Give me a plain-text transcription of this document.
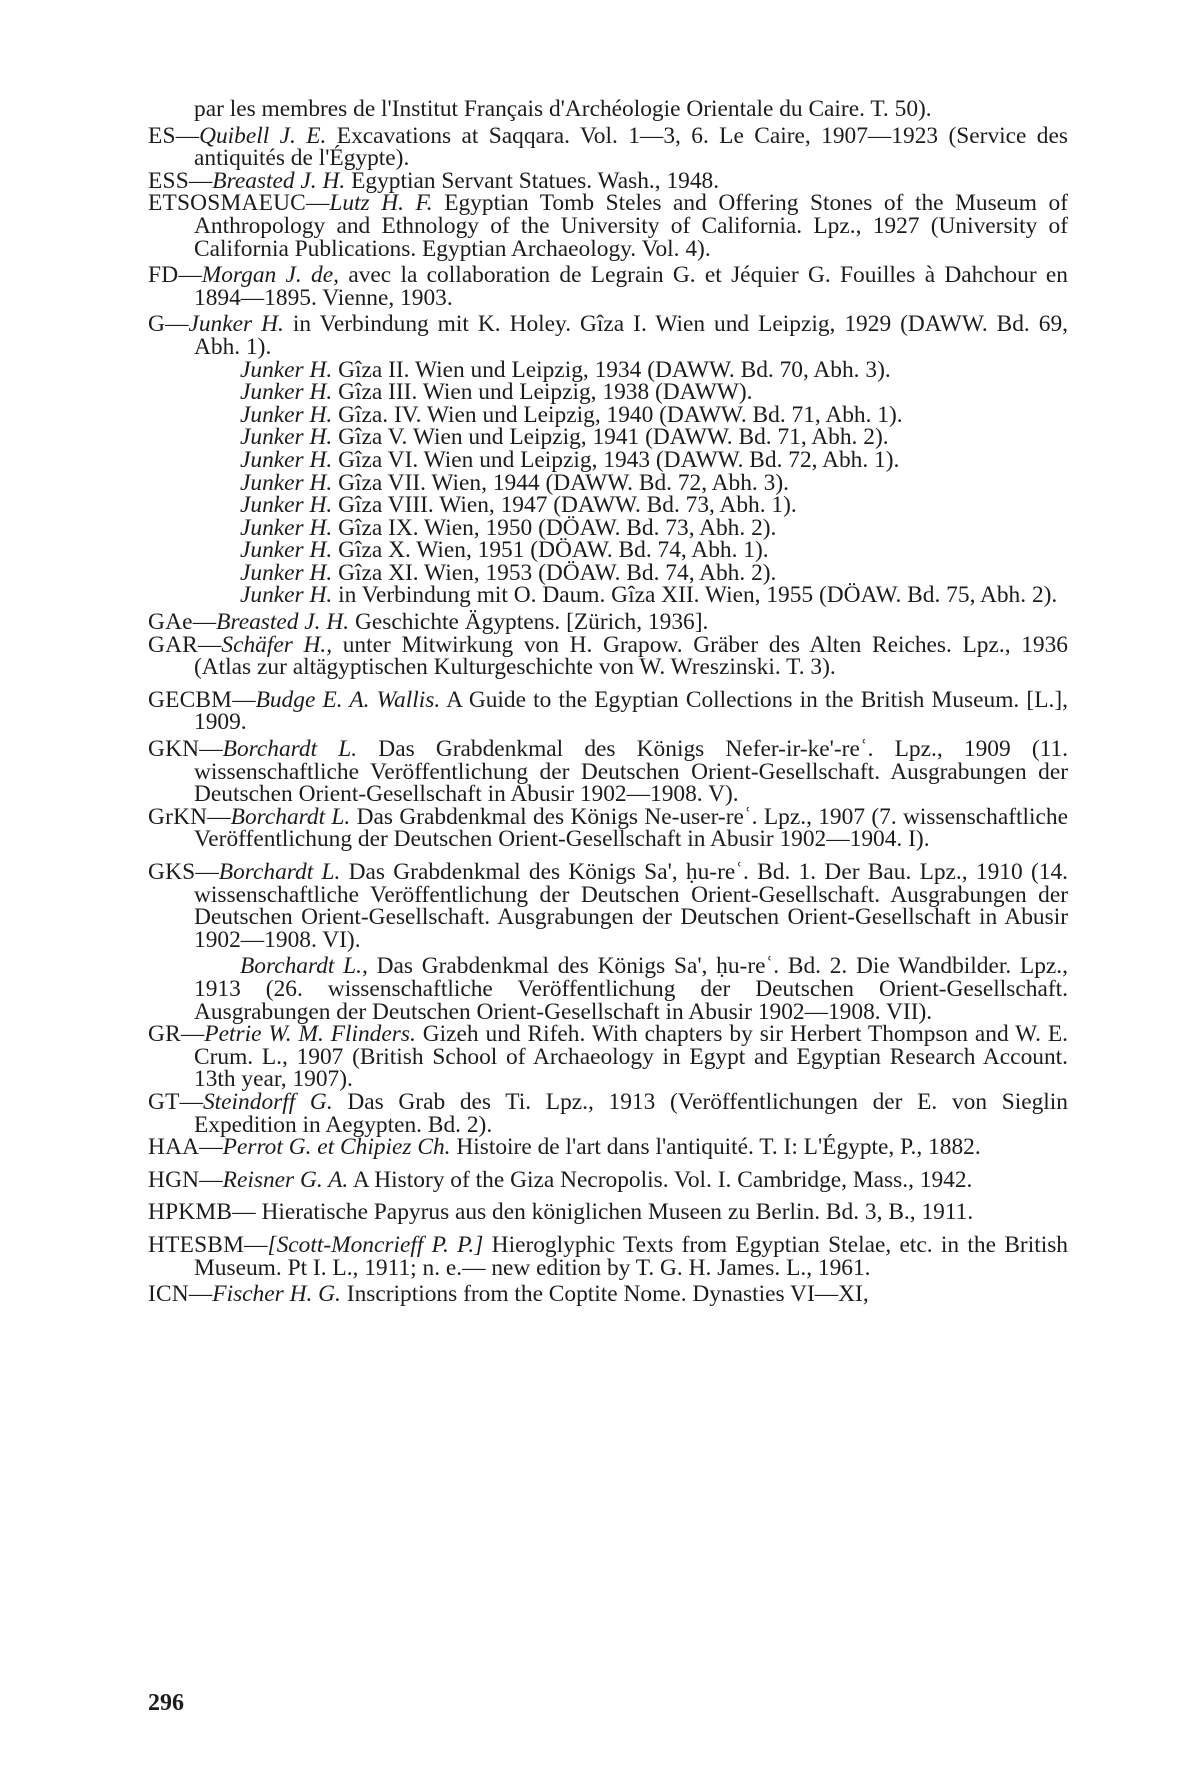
par les membres de l'Institut Français d'Archéologie Orientale du Caire. T. 50).

ES—Quibell J. E. Excavations at Saqqara. Vol. 1—3, 6. Le Caire, 1907—1923 (Service des antiquités de l'Égypte).

ESS—Breasted J. H. Egyptian Servant Statues. Wash., 1948.

ETSOSMAEUC—Lutz H. F. Egyptian Tomb Steles and Offering Stones of the Museum of Anthropology and Ethnology of the University of California. Lpz., 1927 (University of California Publications. Egyptian Archaeology. Vol. 4).

FD—Morgan J. de, avec la collaboration de Legrain G. et Jéquier G. Fouilles à Dahchour en 1894—1895. Vienne, 1903.

G—Junker H. in Verbindung mit K. Holey. Gîza I. Wien und Leipzig, 1929 (DAWW. Bd. 69, Abh. 1).

Junker H. Gîza II. Wien und Leipzig, 1934 (DAWW. Bd. 70, Abh. 3).

Junker H. Gîza III. Wien und Leipzig, 1938 (DAWW).

Junker H. Gîza. IV. Wien und Leipzig, 1940 (DAWW. Bd. 71, Abh. 1).

Junker H. Gîza V. Wien und Leipzig, 1941 (DAWW. Bd. 71, Abh. 2).

Junker H. Gîza VI. Wien und Leipzig, 1943 (DAWW. Bd. 72, Abh. 1).

Junker H. Gîza VII. Wien, 1944 (DAWW. Bd. 72, Abh. 3).

Junker H. Gîza VIII. Wien, 1947 (DAWW. Bd. 73, Abh. 1).

Junker H. Gîza IX. Wien, 1950 (DÖAW. Bd. 73, Abh. 2).

Junker H. Gîza X. Wien, 1951 (DÖAW. Bd. 74, Abh. 1).

Junker H. Gîza XI. Wien, 1953 (DÖAW. Bd. 74, Abh. 2).

Junker H. in Verbindung mit O. Daum. Gîza XII. Wien, 1955 (DÖAW. Bd. 75, Abh. 2).

GAe—Breasted J. H. Geschichte Ägyptens. [Zürich, 1936].

GAR—Schäfer H., unter Mitwirkung von H. Grapow. Gräber des Alten Reiches. Lpz., 1936 (Atlas zur altägyptischen Kulturgeschichte von W. Wreszinski. T. 3).

GECBM—Budge E. A. Wallis. A Guide to the Egyptian Collections in the British Museum. [L.], 1909.

GKN—Borchardt L. Das Grabdenkmal des Königs Nefer-ir-ke'-reʿ. Lpz., 1909 (11. wissenschaftliche Veröffentlichung der Deutschen Orient-Gesellschaft. Ausgrabungen der Deutschen Orient-Gesellschaft in Abusir 1902—1908. V).

GrKN—Borchardt L. Das Grabdenkmal des Königs Ne-user-reʿ. Lpz., 1907 (7. wissenschaftliche Veröffentlichung der Deutschen Orient-Gesellschaft in Abusir 1902—1904. I).

GKS—Borchardt L. Das Grabdenkmal des Königs Sa', ḥu-reʿ. Bd. 1. Der Bau. Lpz., 1910 (14. wissenschaftliche Veröffentlichung der Deutschen Orient-Gesellschaft. Ausgrabungen der Deutschen Orient-Gesellschaft. Ausgrabungen der Deutschen Orient-Gesellschaft in Abusir 1902—1908. VI).

Borchardt L., Das Grabdenkmal des Königs Sa', ḥu-reʿ. Bd. 2. Die Wandbilder. Lpz., 1913 (26. wissenschaftliche Veröffentlichung der Deutschen Orient-Gesellschaft. Ausgrabungen der Deutschen Orient-Gesellschaft in Abusir 1902—1908. VII).

GR—Petrie W. M. Flinders. Gizeh und Rifeh. With chapters by sir Herbert Thompson and W. E. Crum. L., 1907 (British School of Archaeology in Egypt and Egyptian Research Account. 13th year, 1907).

GT—Steindorff G. Das Grab des Ti. Lpz., 1913 (Veröffentlichungen der E. von Sieglin Expedition in Aegypten. Bd. 2).

HAA—Perrot G. et Chipiez Ch. Histoire de l'art dans l'antiquité. T. I: L'Égypte, P., 1882.

HGN—Reisner G. A. A History of the Giza Necropolis. Vol. I. Cambridge, Mass., 1942.

HPKMB— Hieratische Papyrus aus den königlichen Museen zu Berlin. Bd. 3, B., 1911.

HTESBM—[Scott-Moncrieff P. P.] Hieroglyphic Texts from Egyptian Stelae, etc. in the British Museum. Pt I. L., 1911; n. e.— new edition by T. G. H. James. L., 1961.

ICN—Fischer H. G. Inscriptions from the Coptite Nome. Dynasties VI—XI,

296
